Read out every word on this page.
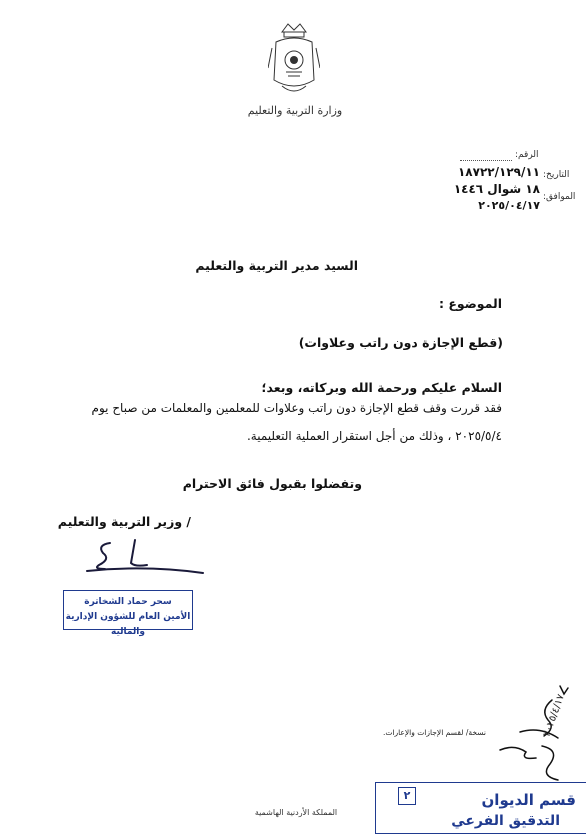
وزارة التربية والتعليم
الرقم:
١٨٧٢٢/١٢٩/١١ التاريخ:
١٨ شوال ١٤٤٦
الموافق:
٢٠٢٥/٠٤/١٧
السيد مدير التربية والتعليم
الموضوع :
(قطع الإجازة دون راتب وعلاوات)
السلام عليكم ورحمة الله وبركاته، وبعد؛
فقد قررت وقف قطع الإجازة دون راتب وعلاوات للمعلمين والمعلمات من صباح يوم
٢٠٢٥/٥/٤ ، وذلك من أجل استقرار العملية التعليمية.
وتفضلوا بقبول فائق الاحترام
/ وزير التربية والتعليم
سحر حماد الشخاترة
الأمين العام للشؤون الإدارية والمالية
٢٠٢٥/٤/١٧
نسخة/ لقسم الإجازات والإعارات.
المملكة الأردنية الهاشمية
قسم الديوان
التدقيق الفرعي
٢
